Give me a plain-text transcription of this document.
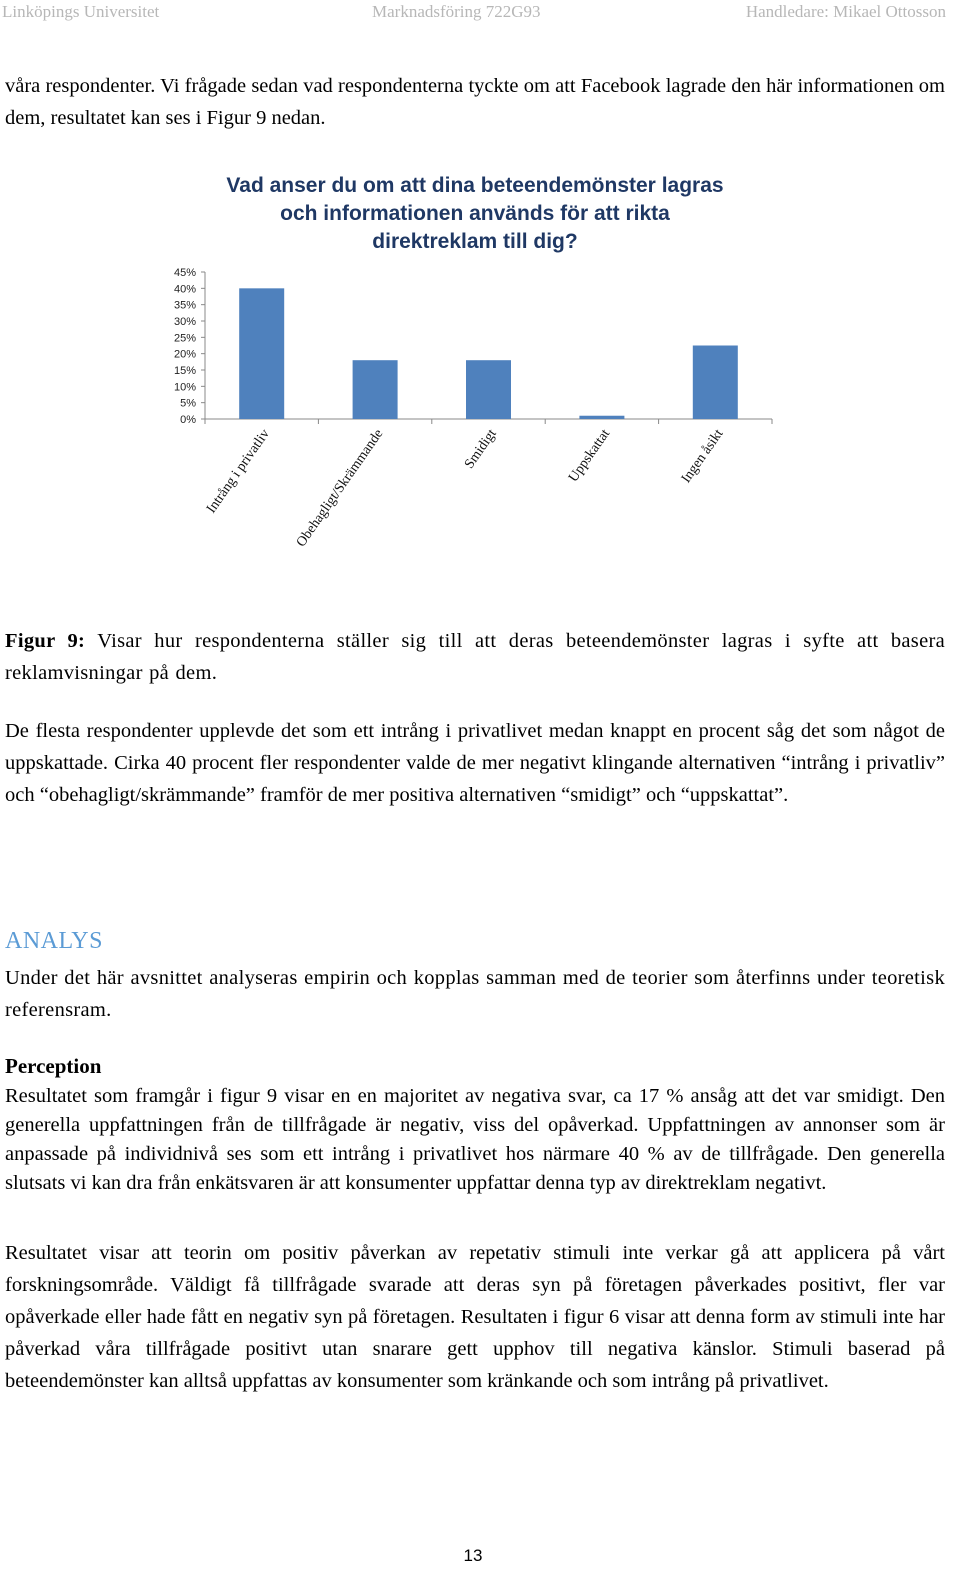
Linköpings Universitet	Marknadsföring 722G93	Handledare: Mikael Ottosson

våra respondenter. Vi frågade sedan vad respondenterna tyckte om att Facebook lagrade den här informationen om dem, resultatet kan ses i Figur 9 nedan.

Vad anser du om att dina beteendemönster lagras
och informationen används för att rikta
direktreklam till dig?
0%
5%
10%
15%
20%
25%
30%
35%
40%
45%
Intrång i privatliv Obehagligt/Skrämmande	Smidigt	Uppskattat	Ingen åsikt

Figur 9: Visar hur respondenterna ställer sig till att deras beteendemönster lagras i syfte att basera reklamvisningar på dem.

De flesta respondenter upplevde det som ett intrång i privatlivet medan knappt en procent såg det som något de uppskattade. Cirka 40 procent fler respondenter valde de mer negativt klingande alternativen “intrång i privatliv” och “obehagligt/skrämmande” framför de mer positiva alternativen “smidigt” och “uppskattat”.

ANALYS

Under det här avsnittet analyseras empirin och kopplas samman med de teorier som återfinns under teoretisk referensram.

Perception

Resultatet som framgår i figur 9 visar en en majoritet av negativa svar, ca 17 % ansåg att det var smidigt. Den generella uppfattningen från de tillfrågade är negativ, viss del opåverkad. Uppfattningen av annonser som är anpassade på individnivå ses som ett intrång i privatlivet hos närmare 40 % av de tillfrågade. Den generella slutsats vi kan dra från enkätsvaren är att konsumenter uppfattar denna typ av direktreklam negativt.

Resultatet visar att teorin om positiv påverkan av repetativ stimuli inte verkar gå att applicera på vårt forskningsområde. Väldigt få tillfrågade svarade att deras syn på företagen påverkades positivt, fler var opåverkade eller hade fått en negativ syn på företagen. Resultaten i figur 6 visar att denna form av stimuli inte har påverkad våra tillfrågade positivt utan snarare gett upphov till negativa känslor. Stimuli baserad på beteendemönster kan alltså uppfattas av konsumenter som kränkande och som intrång på privatlivet.

13
